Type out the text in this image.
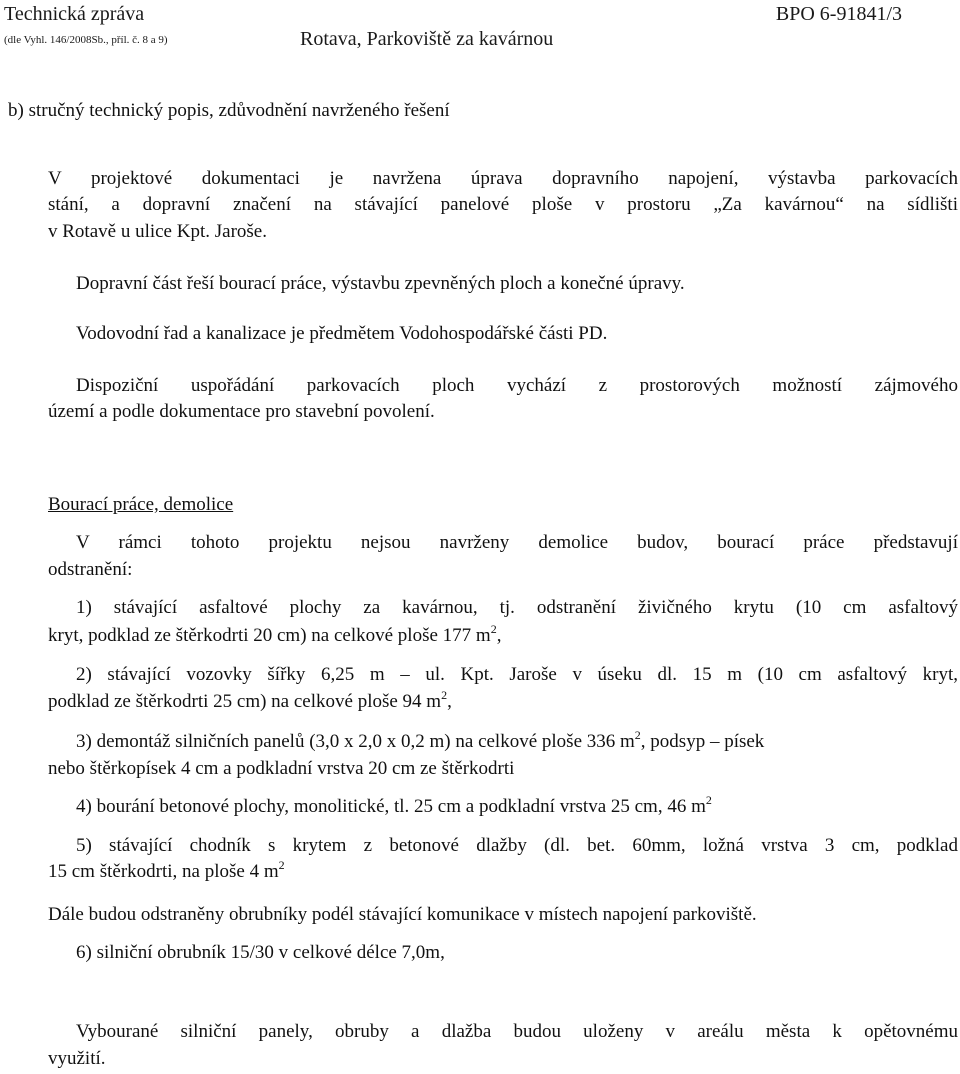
Technická zpráva
(dle Vyhl. 146/2008Sb., příl. č. 8 a 9)
BPO 6-91841/3
Rotava, Parkoviště za kavárnou
b) stručný technický popis, zdůvodnění navrženého řešení
V projektové dokumentaci je navržena úprava dopravního napojení, výstavba parkovacích
stání, a dopravní značení na stávající panelové ploše v prostoru „Za kavárnou“ na sídlišti
v Rotavě u ulice Kpt. Jaroše.
Dopravní část řeší bourací práce, výstavbu zpevněných ploch a konečné úpravy.
Vodovodní řad a kanalizace je předmětem Vodohospodářské části PD.
Dispoziční uspořádání parkovacích ploch vychází z prostorových možností zájmového
území a podle dokumentace pro stavební povolení.
Bourací práce, demolice
V rámci tohoto projektu nejsou navrženy demolice budov, bourací práce představují
odstranění:
1) stávající asfaltové plochy za kavárnou, tj. odstranění živičného krytu (10 cm asfaltový
kryt, podklad ze štěrkodrti 20 cm) na celkové ploše 177 $m^2$,
2) stávající vozovky šířky 6,25 m – ul. Kpt. Jaroše v úseku dl. 15 m (10 cm asfaltový kryt,
podklad ze štěrkodrti 25 cm) na celkové ploše 94 $m^2$,
3) demontáž silničních panelů (3,0 x 2,0 x 0,2 m) na celkové ploše 336 $m^2$, podsyp – písek
nebo štěrkopísek 4 cm a podkladní vrstva 20 cm ze štěrkodrti
4) bourání betonové plochy, monolitické, tl. 25 cm a podkladní vrstva 25 cm, 46 $m^2$
5) stávající chodník s krytem z betonové dlažby (dl. bet. 60mm, ložná vrstva 3 cm, podklad
15 cm štěrkodrti, na ploše 4 $m^2$
Dále budou odstraněny obrubníky podél stávající komunikace v místech napojení parkoviště.
6) silniční obrubník 15/30 v celkové délce 7,0m,
Vybourané silniční panely, obruby a dlažba budou uloženy v areálu města k opětovnému
využití.
